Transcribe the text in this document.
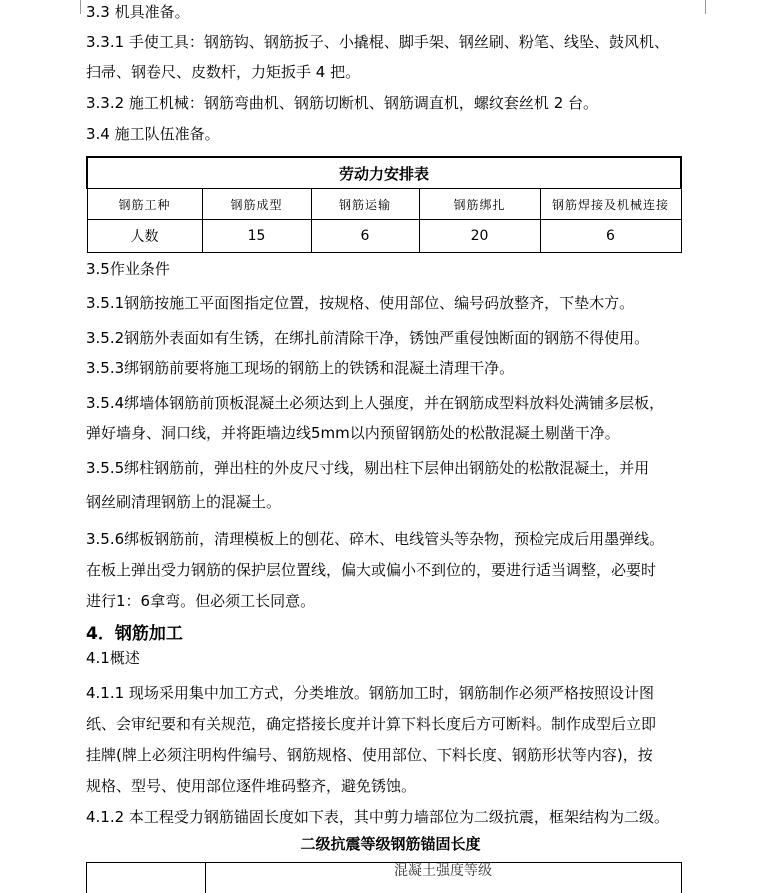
3.3 机具准备。
3.3.1 手使工具：钢筋钩、钢筋扳子、小撬棍、脚手架、钢丝刷、粉笔、线坠、鼓风机、
扫帚、钢卷尺、皮数杆，力矩扳手 4 把。
3.3.2 施工机械：钢筋弯曲机、钢筋切断机、钢筋调直机，螺纹套丝机 2 台。
3.4 施工队伍准备。
劳动力安排表				
钢筋工种	钢筋成型	钢筋运输	钢筋绑扎	钢筋焊接及机械连接
人数	15	6	20	6
3.5作业条件
3.5.1钢筋按施工平面图指定位置，按规格、使用部位、编号码放整齐，下垫木方。
3.5.2钢筋外表面如有生锈，在绑扎前清除干净，锈蚀严重侵蚀断面的钢筋不得使用。
3.5.3绑钢筋前要将施工现场的钢筋上的铁锈和混凝土清理干净。
3.5.4绑墙体钢筋前顶板混凝土必须达到上人强度，并在钢筋成型料放料处满铺多层板，
弹好墙身、洞口线，并将距墙边线5mm以内预留钢筋处的松散混凝土剔凿干净。
3.5.5绑柱钢筋前，弹出柱的外皮尺寸线，剔出柱下层伸出钢筋处的松散混凝土，并用
钢丝刷清理钢筋上的混凝土。
3.5.6绑板钢筋前，清理模板上的刨花、碎木、电线管头等杂物，预检完成后用墨弹线。
在板上弹出受力钢筋的保护层位置线，偏大或偏小不到位的，要进行适当调整，必要时
进行1：6拿弯。但必须工长同意。
4．钢筋加工
4.1概述
4.1.1 现场采用集中加工方式，分类堆放。钢筋加工时，钢筋制作必须严格按照设计图
纸、会审纪要和有关规范，确定搭接长度并计算下料长度后方可断料。制作成型后立即
挂牌(牌上必须注明构件编号、钢筋规格、使用部位、下料长度、钢筋形状等内容)，按
规格、型号、使用部位逐件堆码整齐，避免锈蚀。
4.1.2 本工程受力钢筋锚固长度如下表，其中剪力墙部位为二级抗震，框架结构为二级。
二级抗震等级钢筋锚固长度
混凝土强度等级
